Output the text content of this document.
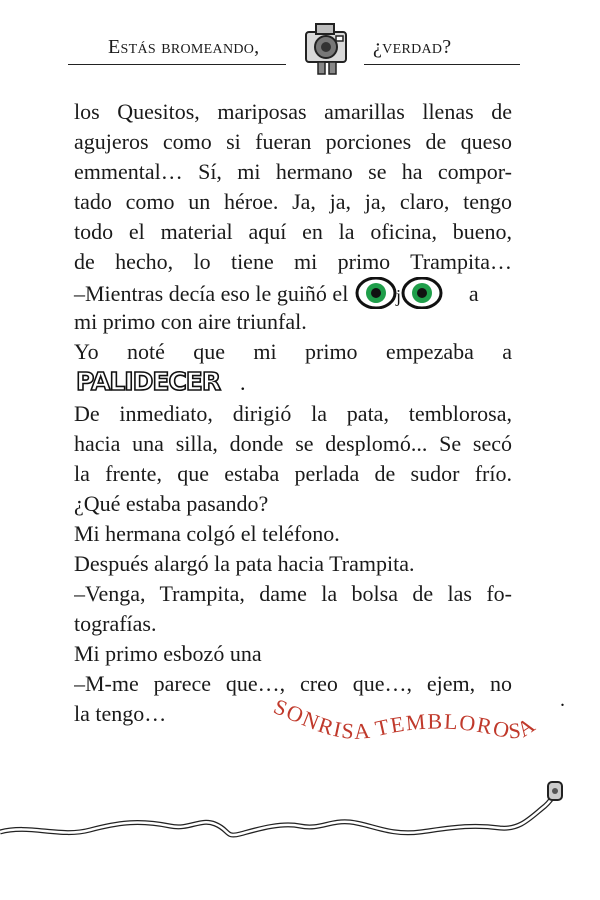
Estás bromeando,	¿verdad?
los Quesitos, mariposas amarillas llenas de
agujeros como si fueran porciones de queso
emmental… Sí, mi hermano se ha compor-
tado como un héroe. Ja, ja, ja, claro, tengo
todo el material aquí en la oficina, bueno,
de hecho, lo tiene mi primo Trampita…
–Mientras decía eso le guiñó el	j	a
mi primo con aire triunfal.
Yo noté que mi primo empezaba a
PALIDECER .
De inmediato, dirigió la pata, temblorosa,
hacia una silla, donde se desplomó... Se secó
la frente, que estaba perlada de sudor frío.
¿Qué estaba pasando?
Mi hermana colgó el teléfono.
Después alargó la pata hacia Trampita.
–Venga, Trampita, dame la bolsa de las fo-
tografías.
Mi primo esbozó una
–M-me parece que…, creo que…, ejem, no
la tengo…	SONRISA TEMBLOROSA
.
